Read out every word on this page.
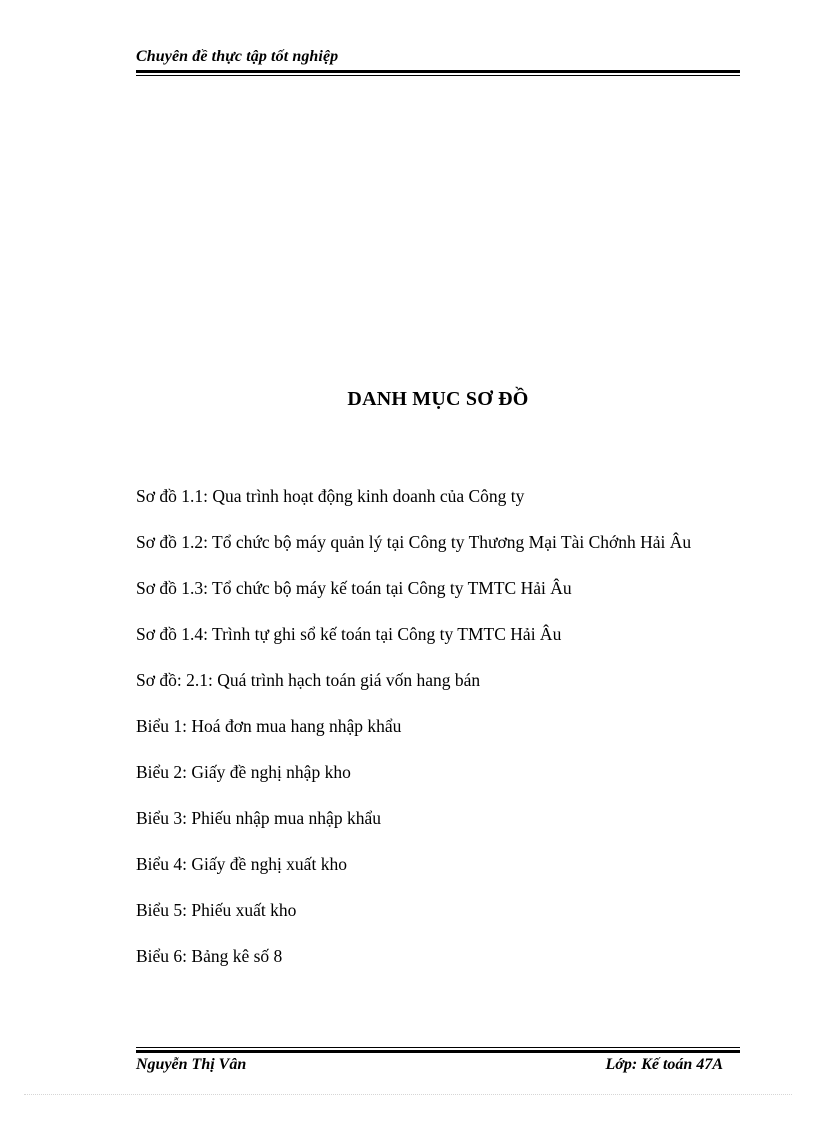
Chuyên đề thực tập tốt nghiệp
DANH MỤC SƠ ĐỒ
Sơ đồ 1.1: Qua trình hoạt động kinh doanh của Công ty
Sơ đồ 1.2: Tổ chức bộ máy quản lý tại Công ty Thương Mại Tài Chớnh Hải Âu
Sơ đồ 1.3: Tổ chức bộ máy kế toán tại Công ty TMTC Hải Âu
Sơ đồ 1.4: Trình tự ghi sổ kế toán tại Công ty TMTC Hải Âu
Sơ đồ: 2.1: Quá trình hạch toán giá vốn hang bán
Biểu 1: Hoá đơn mua hang nhập khẩu
Biểu 2: Giấy đề nghị nhập kho
Biểu 3: Phiếu nhập mua nhập khẩu
Biểu 4: Giấy đề nghị xuất kho
Biểu 5: Phiếu xuất kho
Biểu 6: Bảng kê số 8
Nguyễn Thị Vân	Lớp: Kế toán 47A
